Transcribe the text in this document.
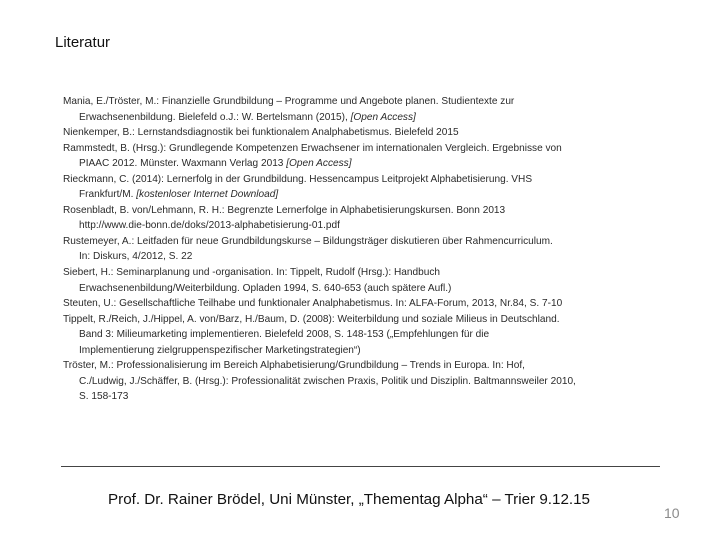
Literatur
Mania, E./Tröster, M.: Finanzielle Grundbildung – Programme und Angebote planen. Studientexte zur
Erwachsenenbildung. Bielefeld o.J.: W. Bertelsmann (2015), [Open Access]
Nienkemper, B.: Lernstandsdiagnostik bei funktionalem Analphabetismus. Bielefeld 2015
Rammstedt, B. (Hrsg.): Grundlegende Kompetenzen Erwachsener im internationalen Vergleich. Ergebnisse von
PIAAC 2012. Münster. Waxmann Verlag 2013 [Open Access]
Rieckmann, C. (2014): Lernerfolg in der Grundbildung. Hessencampus Leitprojekt Alphabetisierung. VHS
Frankfurt/M. [kostenloser Internet Download]
Rosenbladt, B. von/Lehmann, R. H.: Begrenzte Lernerfolge in Alphabetisierungskursen. Bonn 2013
http://www.die-bonn.de/doks/2013-alphabetisierung-01.pdf
Rustemeyer, A.: Leitfaden für neue Grundbildungskurse – Bildungsträger diskutieren über Rahmencurriculum.
In: Diskurs, 4/2012, S. 22
Siebert, H.: Seminarplanung und -organisation. In: Tippelt, Rudolf (Hrsg.): Handbuch
Erwachsenenbildung/Weiterbildung. Opladen 1994, S. 640-653 (auch spätere Aufl.)
Steuten, U.: Gesellschaftliche Teilhabe und funktionaler Analphabetismus. In: ALFA-Forum, 2013, Nr.84, S. 7-10
Tippelt, R./Reich, J./Hippel, A. von/Barz, H./Baum, D. (2008): Weiterbildung und soziale Milieus in Deutschland.
Band 3: Milieumarketing implementieren. Bielefeld 2008, S. 148-153 („Empfehlungen für die
Implementierung zielgruppenspezifischer Marketingstrategien“)
Tröster, M.: Professionalisierung im Bereich Alphabetisierung/Grundbildung – Trends in Europa. In: Hof,
C./Ludwig, J./Schäffer, B. (Hrsg.): Professionalität zwischen Praxis, Politik und Disziplin. Baltmannsweiler 2010,
S. 158-173
Prof. Dr. Rainer Brödel, Uni Münster, „Thementag Alpha“ – Trier 9.12.15
10
